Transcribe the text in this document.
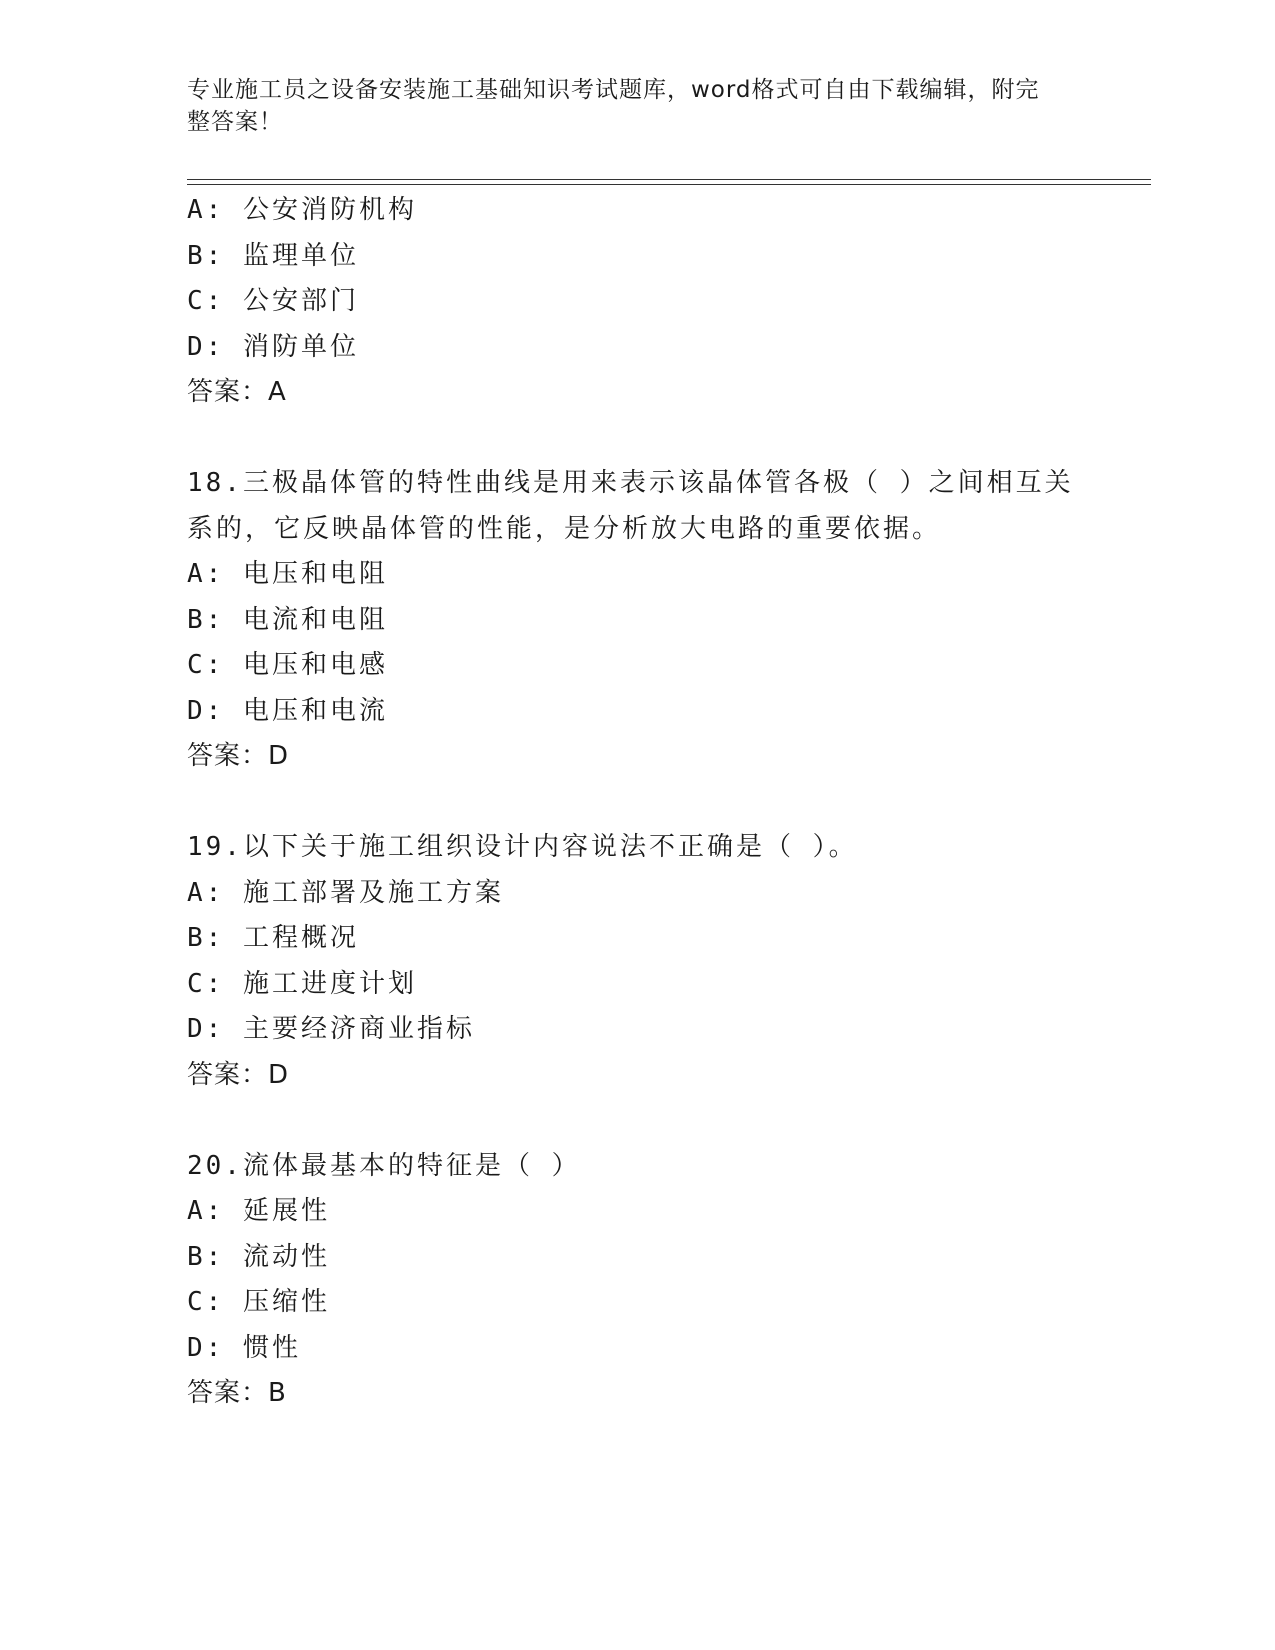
专业施工员之设备安装施工基础知识考试题库，word格式可自由下载编辑，附完
整答案！
A: 公安消防机构
B: 监理单位
C: 公安部门
D: 消防单位
答案：A
18.三极晶体管的特性曲线是用来表示该晶体管各极（ ）之间相互关
系的，它反映晶体管的性能，是分析放大电路的重要依据。
A: 电压和电阻
B: 电流和电阻
C: 电压和电感
D: 电压和电流
答案：D
19.以下关于施工组织设计内容说法不正确是（ ）。
A: 施工部署及施工方案
B: 工程概况
C: 施工进度计划
D: 主要经济商业指标
答案：D
20.流体最基本的特征是（ ）
A: 延展性
B: 流动性
C: 压缩性
D: 惯性
答案：B
